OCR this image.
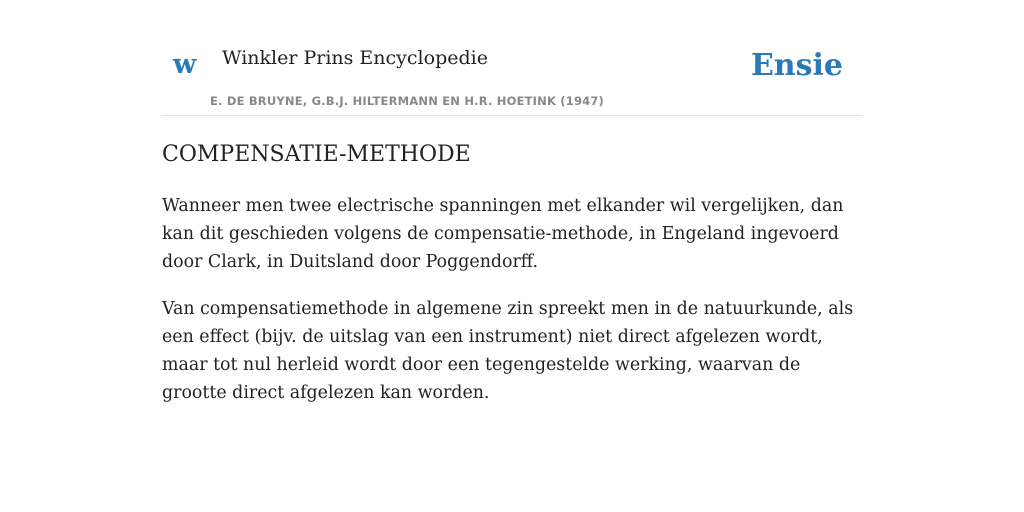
w Winkler Prins Encyclopedie
E. DE BRUYNE, G.B.J. HILTERMANN EN H.R. HOETINK (1947)
Ensie
COMPENSATIE-METHODE

Wanneer men twee electrische spanningen met elkander wil vergelijken, dan kan dit geschieden volgens de compensatie-methode, in Engeland ingevoerd door Clark, in Duitsland door Poggendorff.

Van compensatiemethode in algemene zin spreekt men in de natuurkunde, als een effect (bijv. de uitslag van een instrument) niet direct afgelezen wordt, maar tot nul herleid wordt door een tegengestelde werking, waarvan de grootte direct afgelezen kan worden.
